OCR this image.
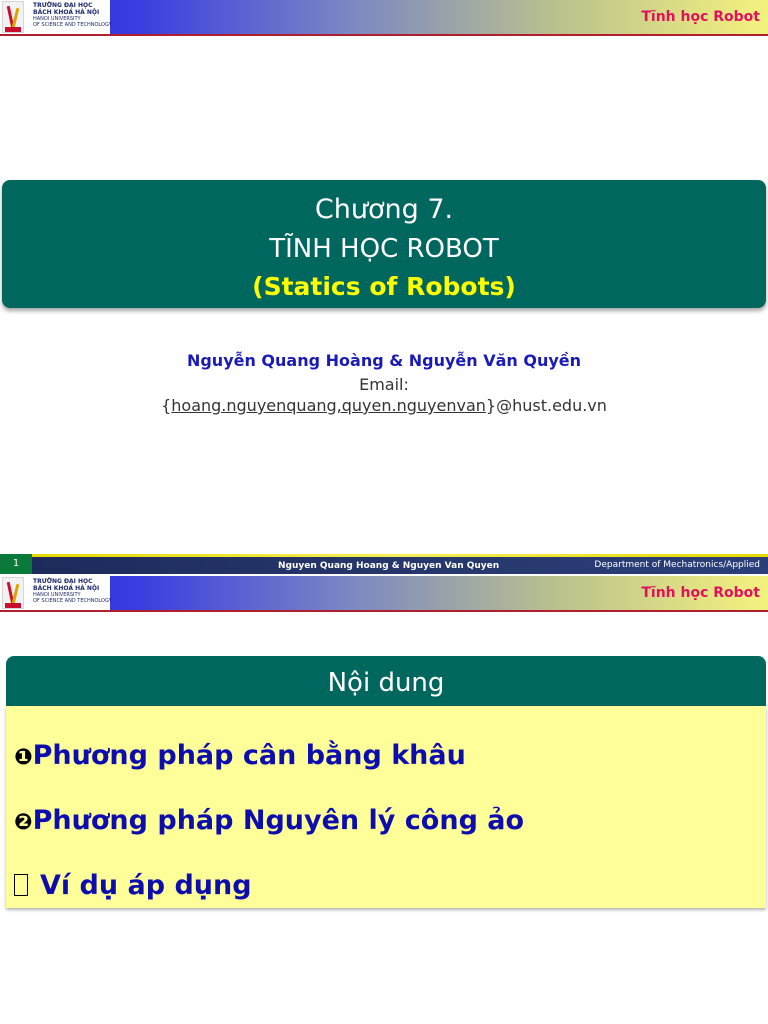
TRƯỜNG ĐẠI HỌC
BÁCH KHOA HÀ NỘI
HANOI UNIVERSITY
OF SCIENCE AND TECHNOLOGY	Tĩnh học Robot
Chương 7.
TĨNH HỌC ROBOT
(Statics of Robots)
Nguyễn Quang Hoàng & Nguyễn Văn Quyền
Email:
{hoang.nguyenquang,quyen.nguyenvan}@hust.edu.vn
1	Nguyen Quang Hoang & Nguyen Van Quyen	Department of Mechatronics/Applied
TRƯỜNG ĐẠI HỌC
BÁCH KHOA HÀ NỘI
HANOI UNIVERSITY
OF SCIENCE AND TECHNOLOGY	Tĩnh học Robot
Nội dung
❶Phương pháp cân bằng khâu
❷Phương pháp Nguyên lý công ảo
Ví dụ áp dụng
